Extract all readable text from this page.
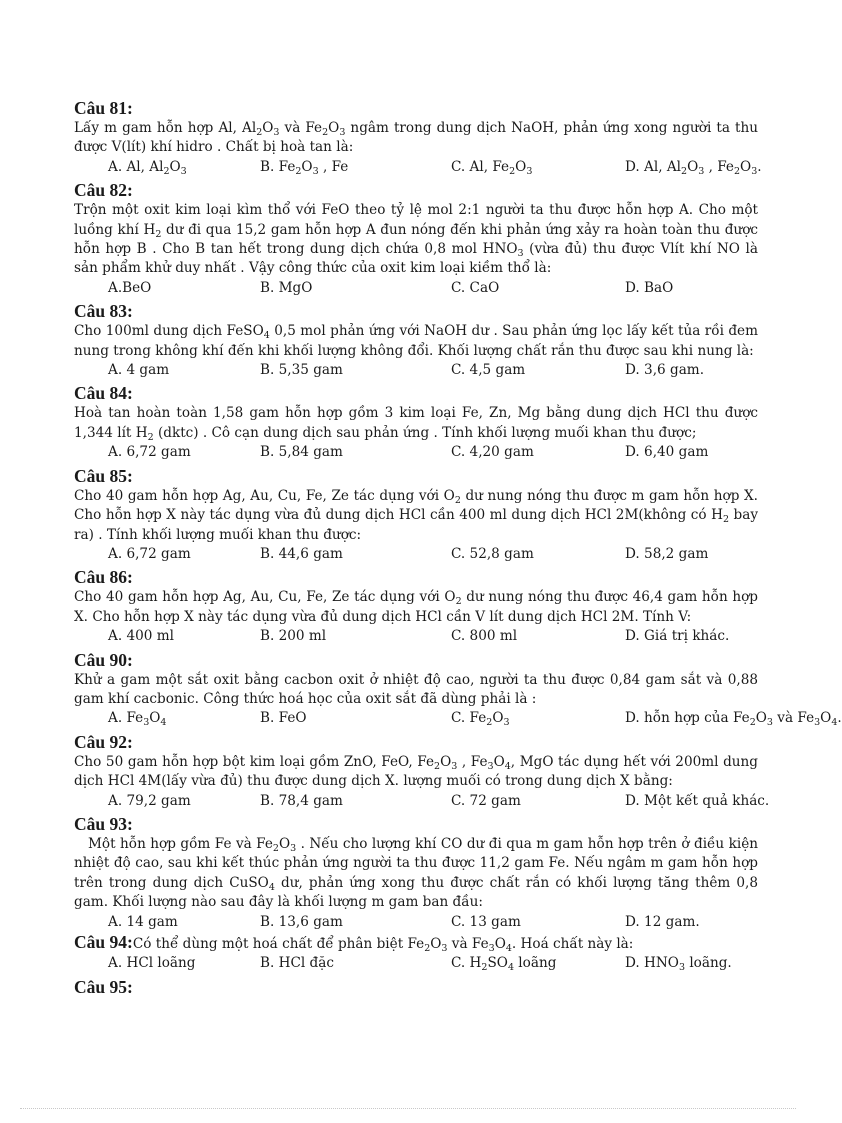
Câu 81:
Lấy m gam hỗn hợp Al, $Al_2O_3$ và $Fe_2O_3$ ngâm trong dung dịch NaOH, phản ứng xong người ta thu được V(lít) khí hidro . Chất bị hoà tan là:
A. Al, $Al_2O_3$	B. $Fe_2O_3$ , Fe	C. Al, $Fe_2O_3$	D. Al, $Al_2O_3$ , $Fe_2O_3$.
Câu 82:
Trộn một oxit kim loại kìm thổ với FeO theo tỷ lệ mol 2:1 người ta thu được hỗn hợp A. Cho một luồng khí $H_2$ dư đi qua 15,2 gam hỗn hợp A đun nóng đến khi phản ứng xảy ra hoàn toàn thu được hỗn hợp B . Cho B tan hết trong dung dịch chứa 0,8 mol $HNO_3$ (vừa đủ) thu được Vlít khí NO là sản phẩm khử duy nhất . Vậy công thức của oxit kim loại kiềm thổ là:
A.BeO	B. MgO	C. CaO	D. BaO
Câu 83:
Cho 100ml dung dịch FeSO$_4$ 0,5 mol phản ứng với NaOH dư . Sau phản ứng lọc lấy kết tủa rồi đem nung trong không khí đến khi khối lượng không đổi. Khối lượng chất rắn thu được sau khi nung là:
A. 4 gam	B. 5,35 gam	C. 4,5 gam	D. 3,6 gam.
Câu 84:
Hoà tan hoàn toàn 1,58 gam hỗn hợp gồm 3 kim loại Fe, Zn, Mg bằng dung dịch HCl thu được 1,344 lít $H_2$ (dktc) . Cô cạn dung dịch sau phản ứng . Tính khối lượng muối khan thu được;
A. 6,72 gam	B. 5,84 gam	C. 4,20 gam	D. 6,40 gam
Câu 85:
Cho 40 gam hỗn hợp Ag, Au, Cu, Fe, Ze tác dụng với $O_2$ dư nung nóng thu được m gam hỗn hợp X. Cho hỗn hợp X này tác dụng vừa đủ dung dịch HCl cần 400 ml dung dịch HCl 2M(không có $H_2$ bay ra) . Tính khối lượng muối khan thu được:
A. 6,72 gam	B. 44,6 gam	C. 52,8 gam	D. 58,2 gam
Câu 86:
Cho 40 gam hỗn hợp Ag, Au, Cu, Fe, Ze tác dụng với $O_2$ dư nung nóng thu được 46,4 gam hỗn hợp X. Cho hỗn hợp X này tác dụng vừa đủ dung dịch HCl cần V lít dung dịch HCl 2M. Tính V:
A. 400 ml	B. 200 ml	C. 800 ml	D. Giá trị khác.
Câu 90:
Khử a gam một sắt oxit bằng cacbon oxit ở nhiệt độ cao, người ta thu được 0,84 gam sắt và 0,88 gam khí cacbonic. Công thức hoá học của oxit sắt đã dùng phải là :
A. $Fe_3O_4$	B. FeO	C. $Fe_2O_3$	D. hỗn hợp của $Fe_2O_3$ và $Fe_3O_4$.
Câu 92:
Cho 50 gam hỗn hợp bột kim loại gồm ZnO, FeO, $Fe_2O_3$ , $Fe_3O_4$, MgO tác dụng hết với 200ml dung dịch HCl 4M(lấy vừa đủ) thu được dung dịch X. lượng muối có trong dung dịch X bằng:
A. 79,2 gam	B. 78,4 gam	C. 72 gam	D. Một kết quả khác.
Câu 93:
Một hỗn hợp gồm Fe và $Fe_2O_3$ . Nếu cho lượng khí CO dư đi qua m gam hỗn hợp trên ở điều kiện nhiệt độ cao, sau khi kết thúc phản ứng người ta thu được 11,2 gam Fe. Nếu ngâm m gam hỗn hợp trên trong dung dịch CuSO$_4$ dư, phản ứng xong thu được chất rắn có khối lượng tăng thêm 0,8 gam. Khối lượng nào sau đây là khối lượng m gam ban đầu:
A. 14 gam	B. 13,6 gam	C. 13 gam	D. 12 gam.
Câu 94:Có thể dùng một hoá chất để phân biệt $Fe_2O_3$ và $Fe_3O_4$. Hoá chất này là:
A. HCl loãng	B. HCl đặc	C. $H_2SO_4$ loãng	D. $HNO_3$ loãng.
Câu 95:
